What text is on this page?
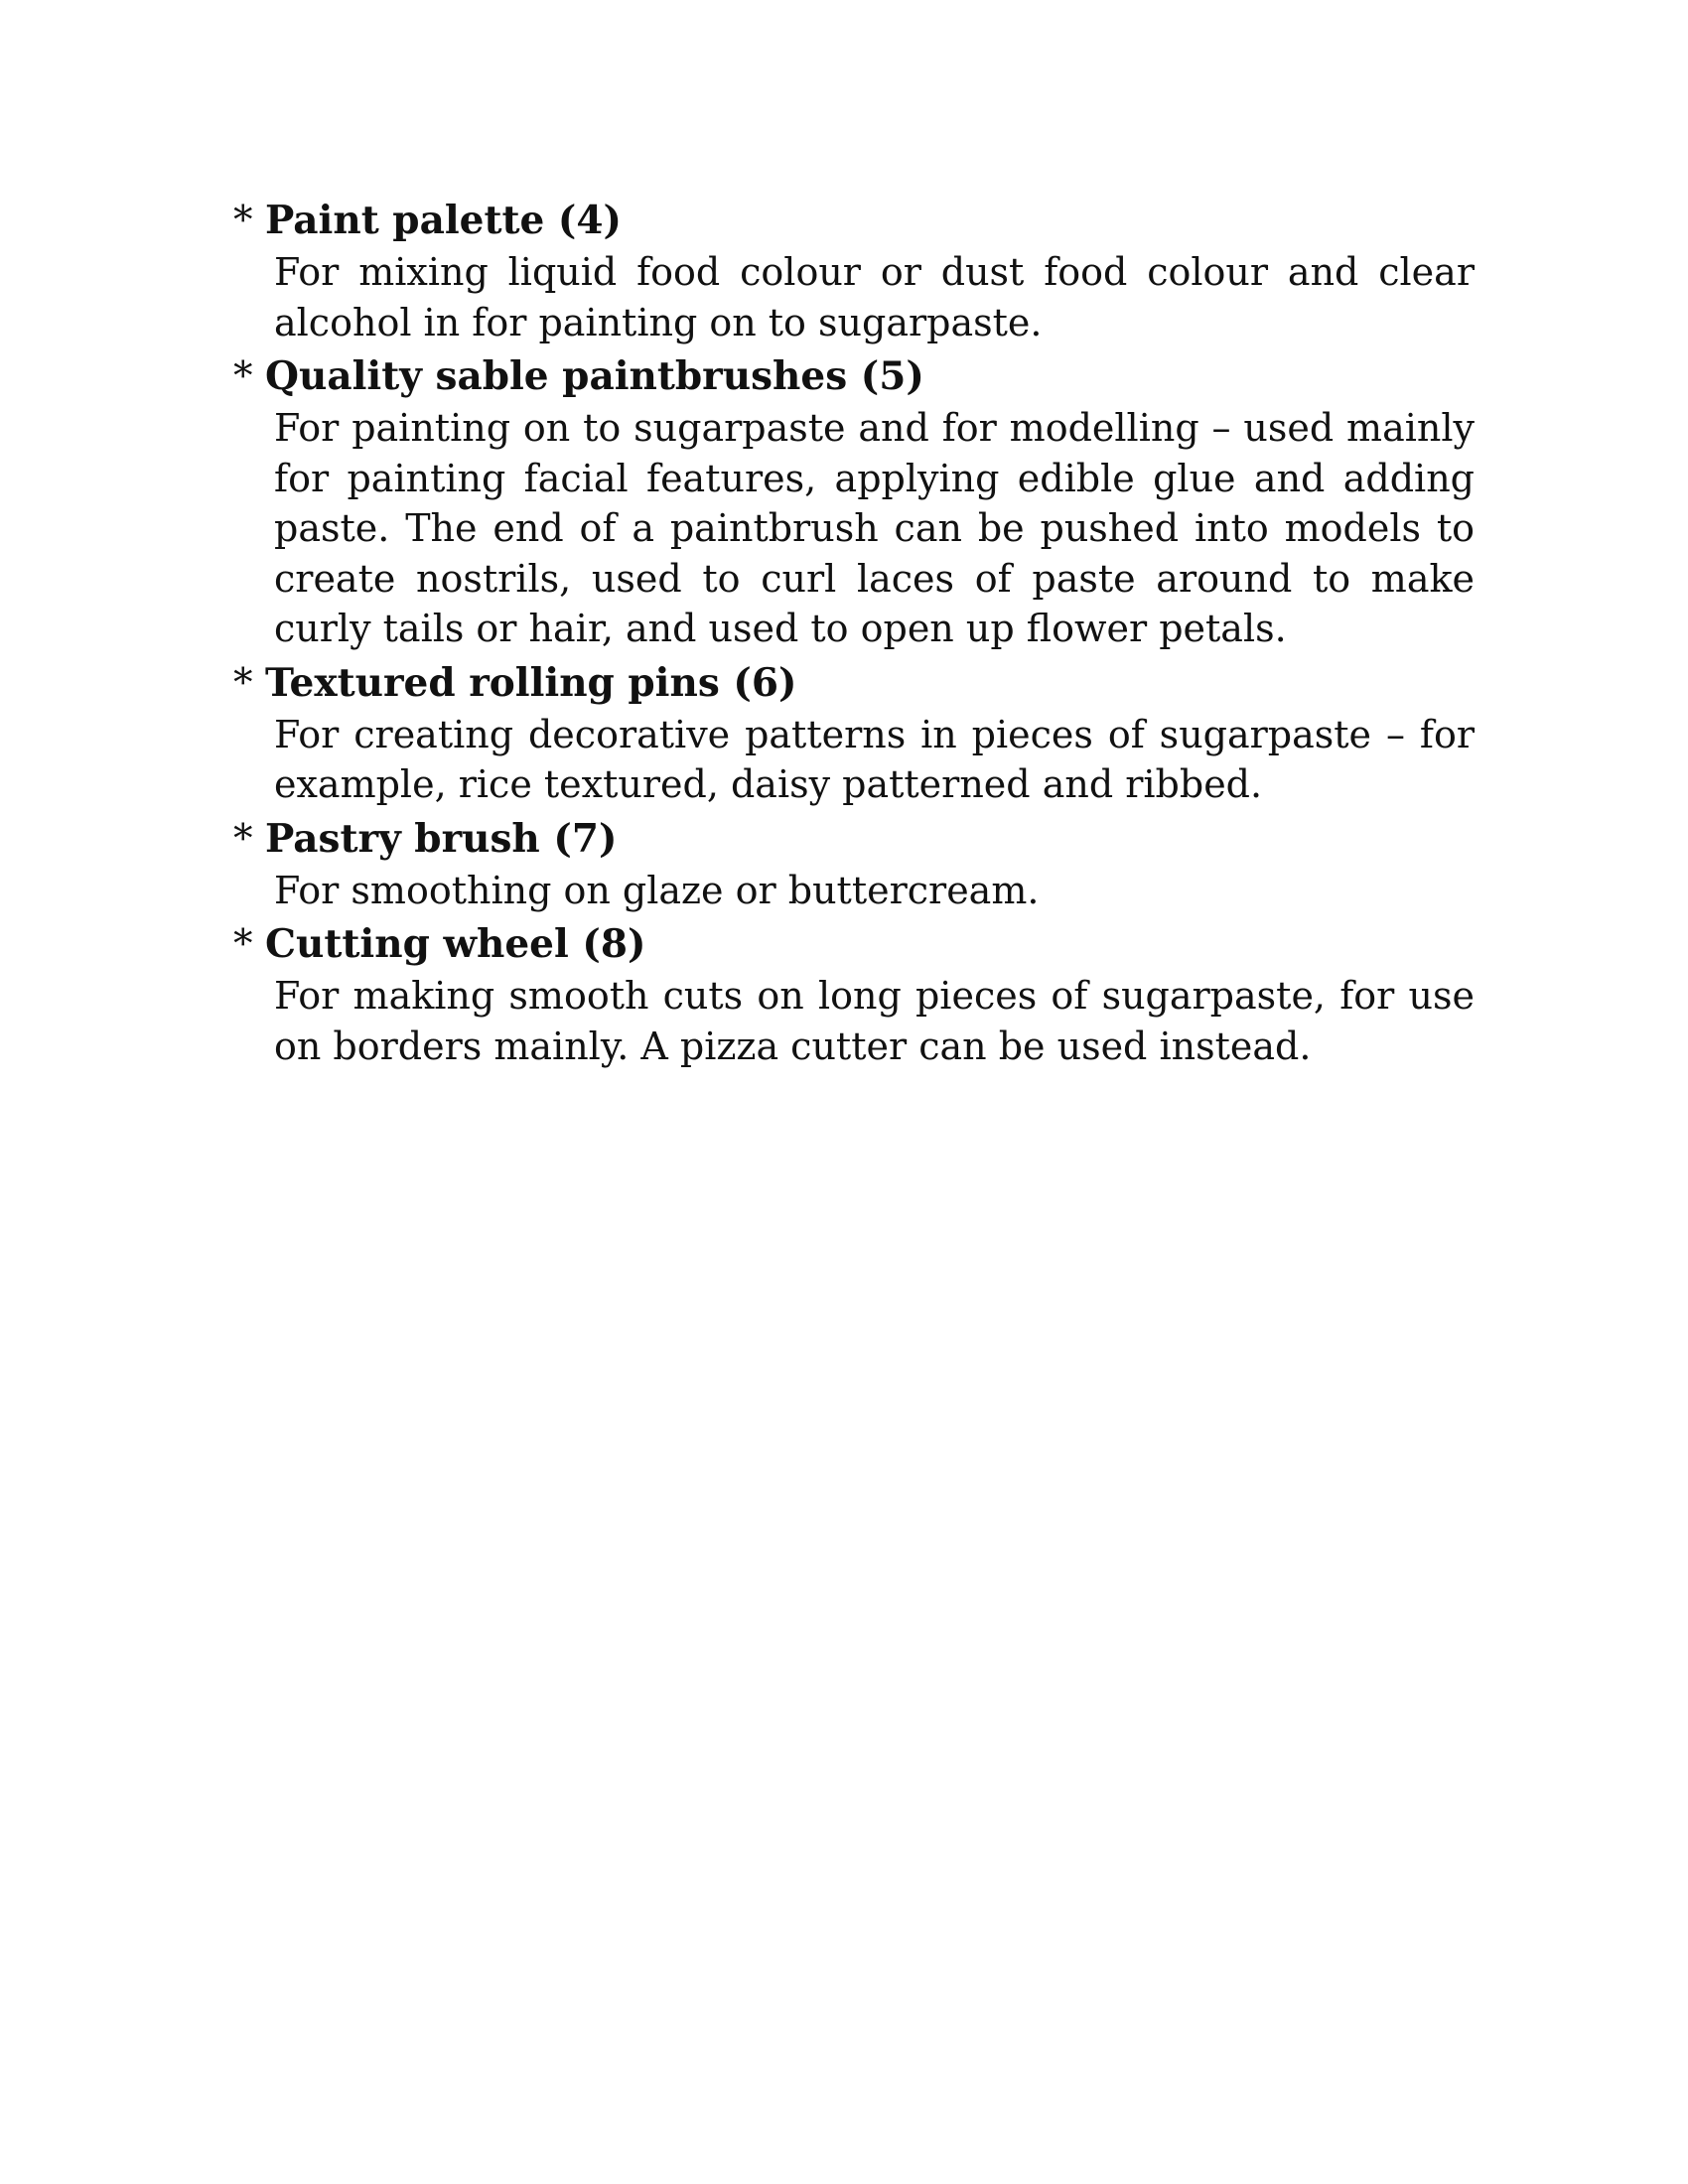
* Paint palette (4)
For mixing liquid food colour or dust food colour and clear alcohol in for painting on to sugarpaste.
* Quality sable paintbrushes (5)
For painting on to sugarpaste and for modelling – used mainly for painting facial features, applying edible glue and adding paste. The end of a paintbrush can be pushed into models to create nostrils, used to curl laces of paste around to make curly tails or hair, and used to open up flower petals.
* Textured rolling pins (6)
For creating decorative patterns in pieces of sugarpaste – for example, rice textured, daisy patterned and ribbed.
* Pastry brush (7)
For smoothing on glaze or buttercream.
* Cutting wheel (8)
For making smooth cuts on long pieces of sugarpaste, for use on borders mainly. A pizza cutter can be used instead.
